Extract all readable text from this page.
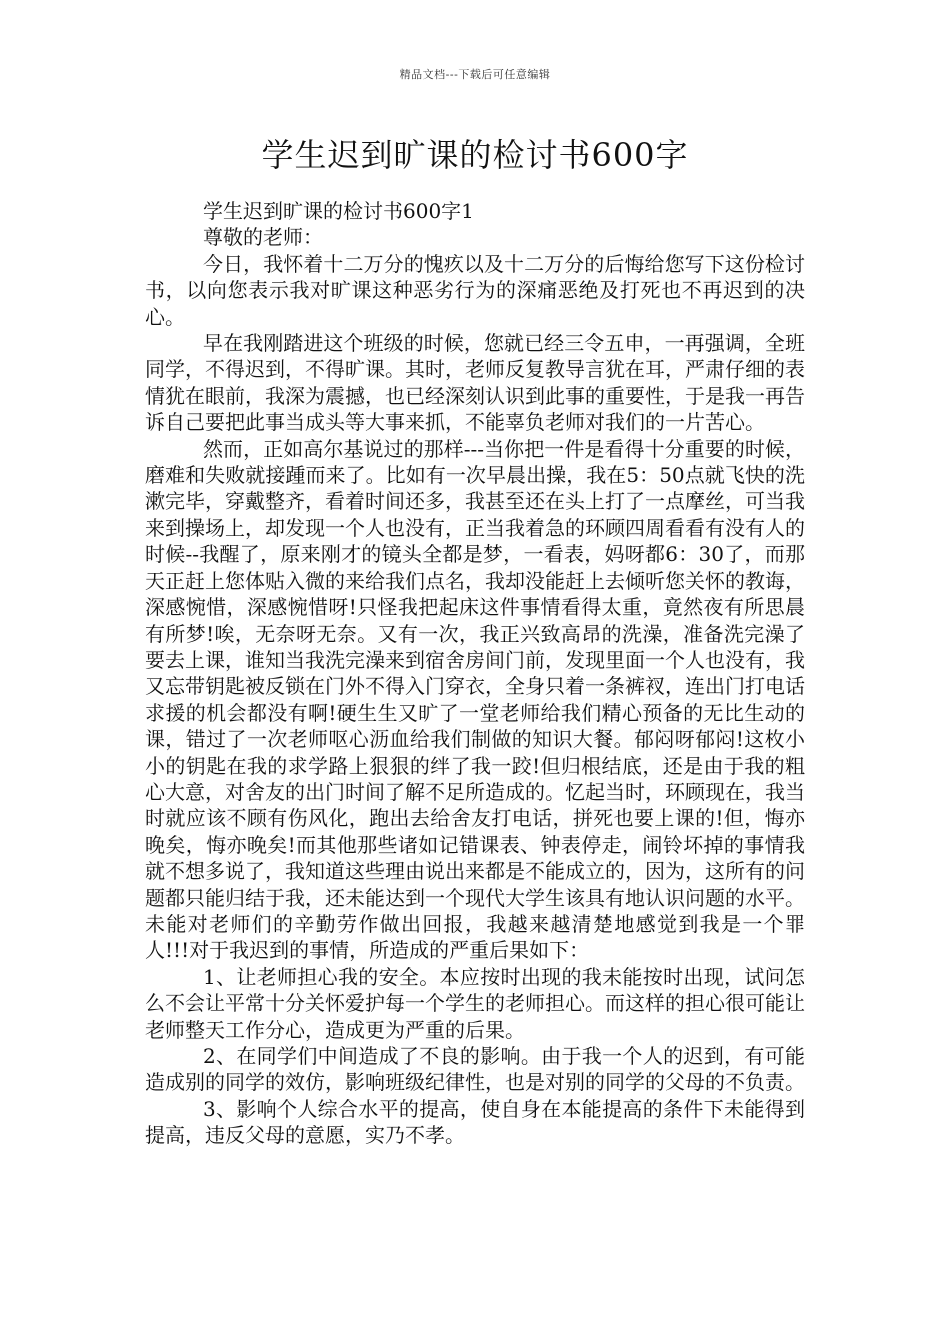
精品文档---下载后可任意编辑
学生迟到旷课的检讨书600字

学生迟到旷课的检讨书600字1

尊敬的老师：

今日，我怀着十二万分的愧疚以及十二万分的后悔给您写下这份检讨书，以向您表示我对旷课这种恶劣行为的深痛恶绝及打死也不再迟到的决心。

早在我刚踏进这个班级的时候，您就已经三令五申，一再强调，全班同学，不得迟到，不得旷课。其时，老师反复教导言犹在耳，严肃仔细的表情犹在眼前，我深为震撼，也已经深刻认识到此事的重要性，于是我一再告诉自己要把此事当成头等大事来抓，不能辜负老师对我们的一片苦心。

然而，正如高尔基说过的那样---当你把一件是看得十分重要的时候，磨难和失败就接踵而来了。比如有一次早晨出操，我在5：50点就飞快的洗漱完毕，穿戴整齐，看着时间还多，我甚至还在头上打了一点摩丝，可当我来到操场上，却发现一个人也没有，正当我着急的环顾四周看看有没有人的时候--我醒了，原来刚才的镜头全都是梦，一看表，妈呀都6：30了，而那天正赶上您体贴入微的来给我们点名，我却没能赶上去倾听您关怀的教诲，深感惋惜，深感惋惜呀!只怪我把起床这件事情看得太重，竟然夜有所思晨有所梦!唉，无奈呀无奈。又有一次，我正兴致高昂的洗澡，准备洗完澡了要去上课，谁知当我洗完澡来到宿舍房间门前，发现里面一个人也没有，我又忘带钥匙被反锁在门外不得入门穿衣，全身只着一条裤衩，连出门打电话求援的机会都没有啊!硬生生又旷了一堂老师给我们精心预备的无比生动的课，错过了一次老师呕心沥血给我们制做的知识大餐。郁闷呀郁闷!这枚小小的钥匙在我的求学路上狠狠的绊了我一跤!但归根结底，还是由于我的粗心大意，对舍友的出门时间了解不足所造成的。忆起当时，环顾现在，我当时就应该不顾有伤风化，跑出去给舍友打电话，拼死也要上课的!但，悔亦晚矣，悔亦晚矣!而其他那些诸如记错课表、钟表停走，闹铃坏掉的事情我就不想多说了，我知道这些理由说出来都是不能成立的，因为，这所有的问题都只能归结于我，还未能达到一个现代大学生该具有地认识问题的水平。未能对老师们的辛勤劳作做出回报，我越来越清楚地感觉到我是一个罪人!!!对于我迟到的事情，所造成的严重后果如下：

1、让老师担心我的安全。本应按时出现的我未能按时出现，试问怎么不会让平常十分关怀爱护每一个学生的老师担心。而这样的担心很可能让老师整天工作分心，造成更为严重的后果。

2、在同学们中间造成了不良的影响。由于我一个人的迟到，有可能造成别的同学的效仿，影响班级纪律性，也是对别的同学的父母的不负责。

3、影响个人综合水平的提高，使自身在本能提高的条件下未能得到提高，违反父母的意愿，实乃不孝。
